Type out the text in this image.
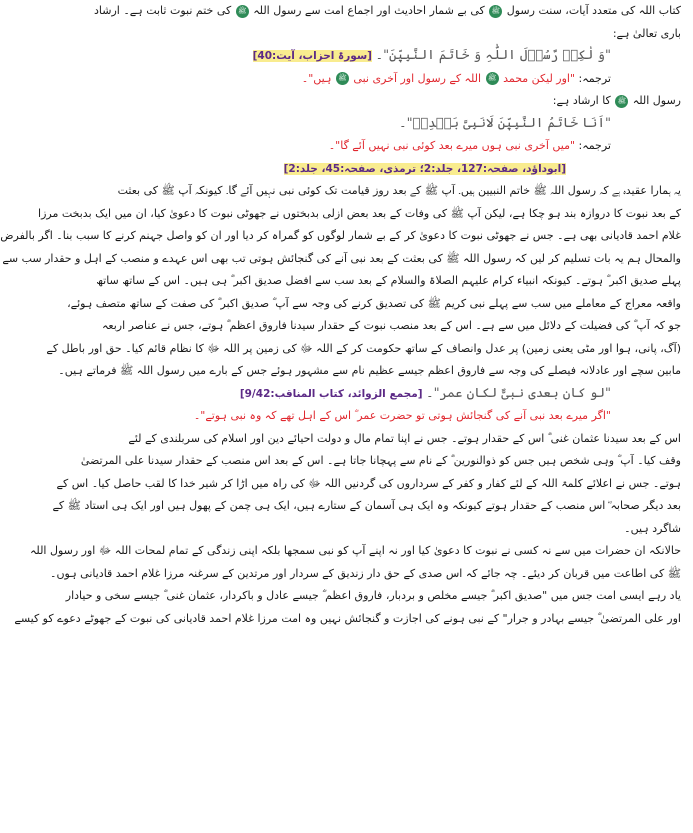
کتاب اللہ کی متعدد آیات، سنت رسول ﷺ کی بے شمار احادیث اور اجماع امت سے رسول اللہ ﷺ کی ختم نبوت ثابت ہے۔ ارشاد
باری تعالیٰ ہے:
"وَ لٰکِنۡ رَّسُوۡلَ اللّٰہِ وَ خَاتَمَ النَّبِیّٖنَ"۔ [سورۃ احزاب، آیت:40]
ترجمہ: "اور لیکن محمد ﷺ اللہ کے رسول اور آخری نبی ﷺ ہیں"۔
رسول اللہ ﷺ کا ارشاد ہے:
"اَنَا خَاتَمُ النَّبِیّٖنَ لَانَبِیَّ بَعۡدِیۡ"۔
ترجمہ: "میں آخری نبی ہوں میرے بعد کوئی نبی نہیں آئے گا"۔
[ابوداؤد، صفحہ:127، جلد:2؛ ترمذی، صفحہ:45، جلد:2]
یہ ہمارا عقیدہ ہے کہ رسول اللہ ﷺ خاتم النبیین ہیں۔ آپ ﷺ کے بعد روز قیامت تک کوئی نبی نہیں آئے گا۔ کیونکہ آپ ﷺ کی بعثت
کے بعد نبوت کا دروازہ بند ہو چکا ہے، لیکن آپ ﷺ کی وفات کے بعد بعض ازلی بدبختوں نے جھوٹی نبوت کا دعویٰ کیا، ان میں ایک بدبخت مرزا
غلام احمد قادیانی بھی ہے۔ جس نے جھوٹی نبوت کا دعویٰ کر کے بے شمار لوگوں کو گمراہ کر دیا اور ان کو واصل جہنم کرنے کا سبب بنا۔ اگر بالفرض
والمحال ہم یہ بات تسلیم کر لیں کہ رسول اللہ ﷺ کی بعثت کے بعد نبی آنے کی گنجائش ہوتی تب بھی اس عہدے و منصب کے اہل و حقدار سب سے
پہلے صدیق اکبر ؓ ہوتے۔ کیونکہ انبیاء کرام علیہم الصلاۃ والسلام کے بعد سب سے افضل صدیق اکبر ؓ ہی ہیں۔ اس کے ساتھ ساتھ
واقعہ معراج کے معاملے میں سب سے پہلے نبی کریم ﷺ کی تصدیق کرنے کی وجہ سے آپ ؓ صدیق اکبر ؓ کی صفت کے ساتھ متصف ہوئے،
جو کہ آپ ؓ کی فضیلت کے دلائل میں سے ہے۔ اس کے بعد منصب نبوت کے حقدار سیدنا فاروق اعظم ؓ ہوتے، جس نے عناصر اربعہ
(آگ، پانی، ہوا اور مٹی یعنی زمین) پر عدل وانصاف کے ساتھ حکومت کر کے اللہ ﷻ کی زمین پر اللہ ﷻ کا نظام قائم کیا۔ حق اور باطل کے
مابین سچے اور عادلانہ فیصلے کی وجہ سے فاروق اعظم جیسے عظیم نام سے مشہور ہوئے جس کے بارے میں رسول اللہ ﷺ فرماتے ہیں۔
"لو کان بعدی نبیٌّ لکان عمر"۔ [مجمع الزوائد، کتاب المناقب:9/42]
"اگر میرے بعد نبی آنے کی گنجائش ہوتی تو حضرت عمر ؓ اس کے اہل تھے کہ وہ نبی ہوتے"۔
اس کے بعد سیدنا عثمان غنی ؓ اس کے حقدار ہوتے۔ جس نے اپنا تمام مال و دولت احیائے دین اور اسلام کی سربلندی کے لئے
وقف کیا۔ آپ ؓ وہی شخص ہیں جس کو ذوالنورین ؓ کے نام سے پہچانا جاتا ہے۔ اس کے بعد اس منصب کے حقدار سیدنا علی المرتضیٰ
ہوتے۔ جس نے اعلائے کلمۃ اللہ کے لئے کفار و کفر کے سرداروں کی گردنیں اللہ ﷻ کی راہ میں اڑا کر شیر خدا کا لقب حاصل کیا۔ اس کے
بعد دیگر صحابہ ؓ اس منصب کے حقدار ہوتے کیونکہ وہ ایک ہی آسمان کے ستارے ہیں، ایک ہی چمن کے پھول ہیں اور ایک ہی استاد ﷺ کے
شاگرد ہیں۔
حالانکہ ان حضرات میں سے نہ کسی نے نبوت کا دعویٰ کیا اور نہ اپنے آپ کو نبی سمجھا بلکہ اپنی زندگی کے تمام لمحات اللہ ﷻ اور رسول اللہ
ﷺ کی اطاعت میں قربان کر دیئے۔ چہ جائے کہ اس صدی کے حق دار زندیق کے سردار اور مرتدین کے سرغنہ مرزا غلام احمد قادیانی ہوں۔
یاد رہے ایسی امت جس میں "صدیق اکبر ؓ جیسے مخلص و بردبار، فاروق اعظم ؓ جیسے عادل و باکردار، عثمان غنی ؓ جیسے سخی و حیادار
اور علی المرتضیٰ ؓ جیسے بہادر و جرار" کے نبی ہونے کی اجازت و گنجائش نہیں وہ امت مرزا غلام احمد قادیانی کی نبوت کے جھوٹے دعوے کو کیسے
